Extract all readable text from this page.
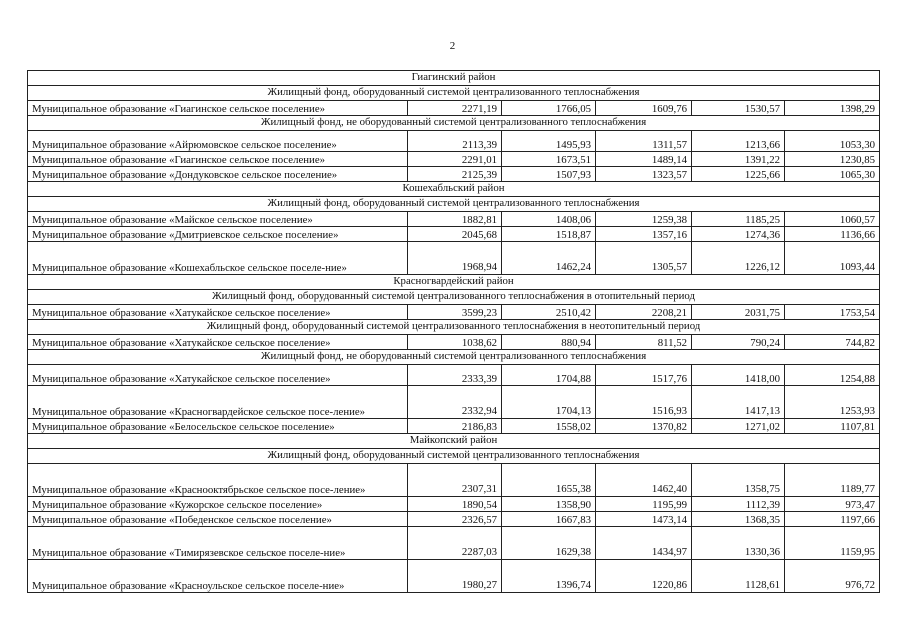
2
Гиагинский район					
Жилищный фонд, оборудованный системой централизованного теплоснабжения					
Муниципальное образование «Гиагинское сельское поселение»	2271,19	1766,05	1609,76	1530,57	1398,29
Жилищный фонд, не оборудованный системой централизованного теплоснабжения					
Муниципальное образование «Айрюмовское сельское поселение»	2113,39	1495,93	1311,57	1213,66	1053,30
Муниципальное образование «Гиагинское сельское поселение»	2291,01	1673,51	1489,14	1391,22	1230,85
Муниципальное образование «Дондуковское сельское поселение»	2125,39	1507,93	1323,57	1225,66	1065,30
Кошехабльский район					
Жилищный фонд, оборудованный системой централизованного теплоснабжения					
Муниципальное образование «Майское сельское поселение»	1882,81	1408,06	1259,38	1185,25	1060,57
Муниципальное образование «Дмитриевское сельское поселение»	2045,68	1518,87	1357,16	1274,36	1136,66
Муниципальное образование «Кошехабльское сельское поселе-ние»	1968,94	1462,24	1305,57	1226,12	1093,44
Красногвардейский район					
Жилищный фонд, оборудованный системой централизованного теплоснабжения в отопительный период					
Муниципальное образование «Хатукайское сельское поселение»	3599,23	2510,42	2208,21	2031,75	1753,54
Жилищный фонд, оборудованный системой централизованного теплоснабжения в неотопительный период					
Муниципальное образование «Хатукайское сельское поселение»	1038,62	880,94	811,52	790,24	744,82
Жилищный фонд, не оборудованный системой централизованного теплоснабжения					
Муниципальное образование «Хатукайское сельское поселение»	2333,39	1704,88	1517,76	1418,00	1254,88
Муниципальное образование «Красногвардейское сельское посе-ление»	2332,94	1704,13	1516,93	1417,13	1253,93
Муниципальное образование «Белосельское сельское поселение»	2186,83	1558,02	1370,82	1271,02	1107,81
Майкопский район					
Жилищный фонд, оборудованный системой централизованного теплоснабжения					
Муниципальное образование «Краснооктябрьское сельское посе-ление»	2307,31	1655,38	1462,40	1358,75	1189,77
Муниципальное образование «Кужорское сельское поселение»	1890,54	1358,90	1195,99	1112,39	973,47
Муниципальное образование «Победенское сельское поселение»	2326,57	1667,83	1473,14	1368,35	1197,66
Муниципальное образование «Тимирязевское сельское поселе-ние»	2287,03	1629,38	1434,97	1330,36	1159,95
Муниципальное образование «Красноульское сельское поселе-ние»	1980,27	1396,74	1220,86	1128,61	976,72
